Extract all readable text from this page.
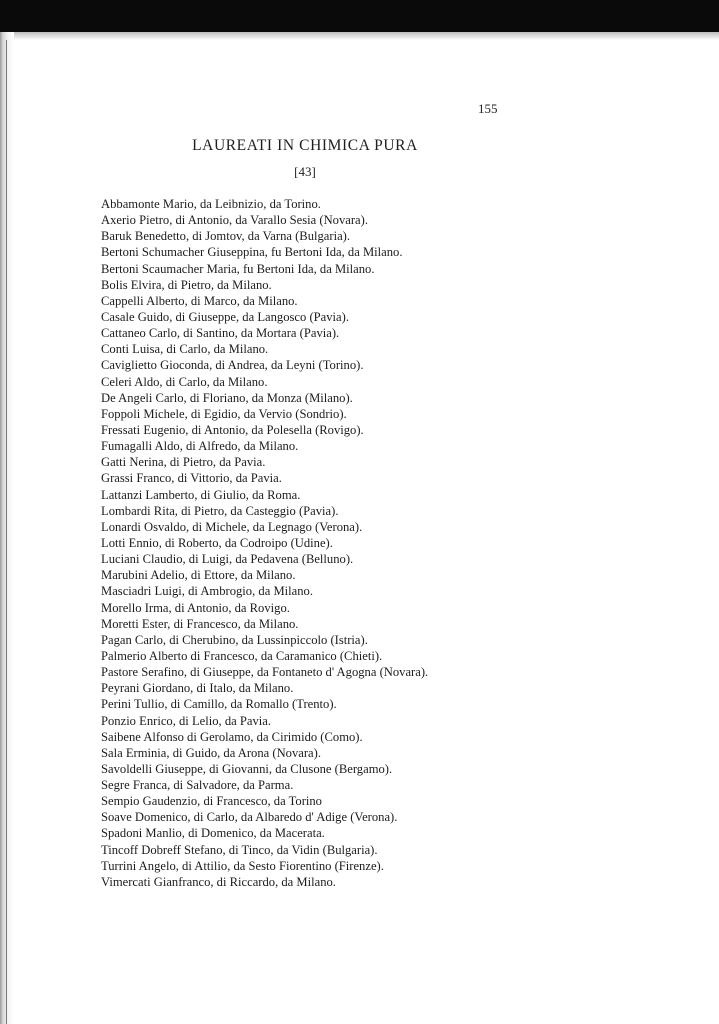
155
LAUREATI IN CHIMICA PURA
[43]
Abbamonte Mario, da Leibnizio, da Torino.
Axerio Pietro, di Antonio, da Varallo Sesia (Novara).
Baruk Benedetto, di Jomtov, da Varna (Bulgaria).
Bertoni Schumacher Giuseppina, fu Bertoni Ida, da Milano.
Bertoni Scaumacher Maria, fu Bertoni Ida, da Milano.
Bolis Elvira, di Pietro, da Milano.
Cappelli Alberto, di Marco, da Milano.
Casale Guido, di Giuseppe, da Langosco (Pavia).
Cattaneo Carlo, di Santino, da Mortara (Pavia).
Conti Luisa, di Carlo, da Milano.
Caviglietto Gioconda, di Andrea, da Leyni (Torino).
Celeri Aldo, di Carlo, da Milano.
De Angeli Carlo, di Floriano, da Monza (Milano).
Foppoli Michele, di Egidio, da Vervio (Sondrio).
Fressati Eugenio, di Antonio, da Polesella (Rovigo).
Fumagalli Aldo, di Alfredo, da Milano.
Gatti Nerina, di Pietro, da Pavia.
Grassi Franco, di Vittorio, da Pavia.
Lattanzi Lamberto, di Giulio, da Roma.
Lombardi Rita, di Pietro, da Casteggio (Pavia).
Lonardi Osvaldo, di Michele, da Legnago (Verona).
Lotti Ennio, di Roberto, da Codroipo (Udine).
Luciani Claudio, di Luigi, da Pedavena (Belluno).
Marubini Adelio, di Ettore, da Milano.
Masciadri Luigi, di Ambrogio, da Milano.
Morello Irma, di Antonio, da Rovigo.
Moretti Ester, di Francesco, da Milano.
Pagan Carlo, di Cherubino, da Lussinpiccolo (Istria).
Palmerio Alberto di Francesco, da Caramanico (Chieti).
Pastore Serafino, di Giuseppe, da Fontaneto d' Agogna (Novara).
Peyrani Giordano, di Italo, da Milano.
Perini Tullio, di Camillo, da Romallo (Trento).
Ponzio Enrico, di Lelio, da Pavia.
Saibene Alfonso di Gerolamo, da Cirimido (Como).
Sala Erminia, di Guido, da Arona (Novara).
Savoldelli Giuseppe, di Giovanni, da Clusone (Bergamo).
Segre Franca, di Salvadore, da Parma.
Sempio Gaudenzio, di Francesco, da Torino
Soave Domenico, di Carlo, da Albaredo d' Adige (Verona).
Spadoni Manlio, di Domenico, da Macerata.
Tincoff Dobreff Stefano, di Tinco, da Vidin (Bulgaria).
Turrini Angelo, di Attilio, da Sesto Fiorentino (Firenze).
Vimercati Gianfranco, di Riccardo, da Milano.
